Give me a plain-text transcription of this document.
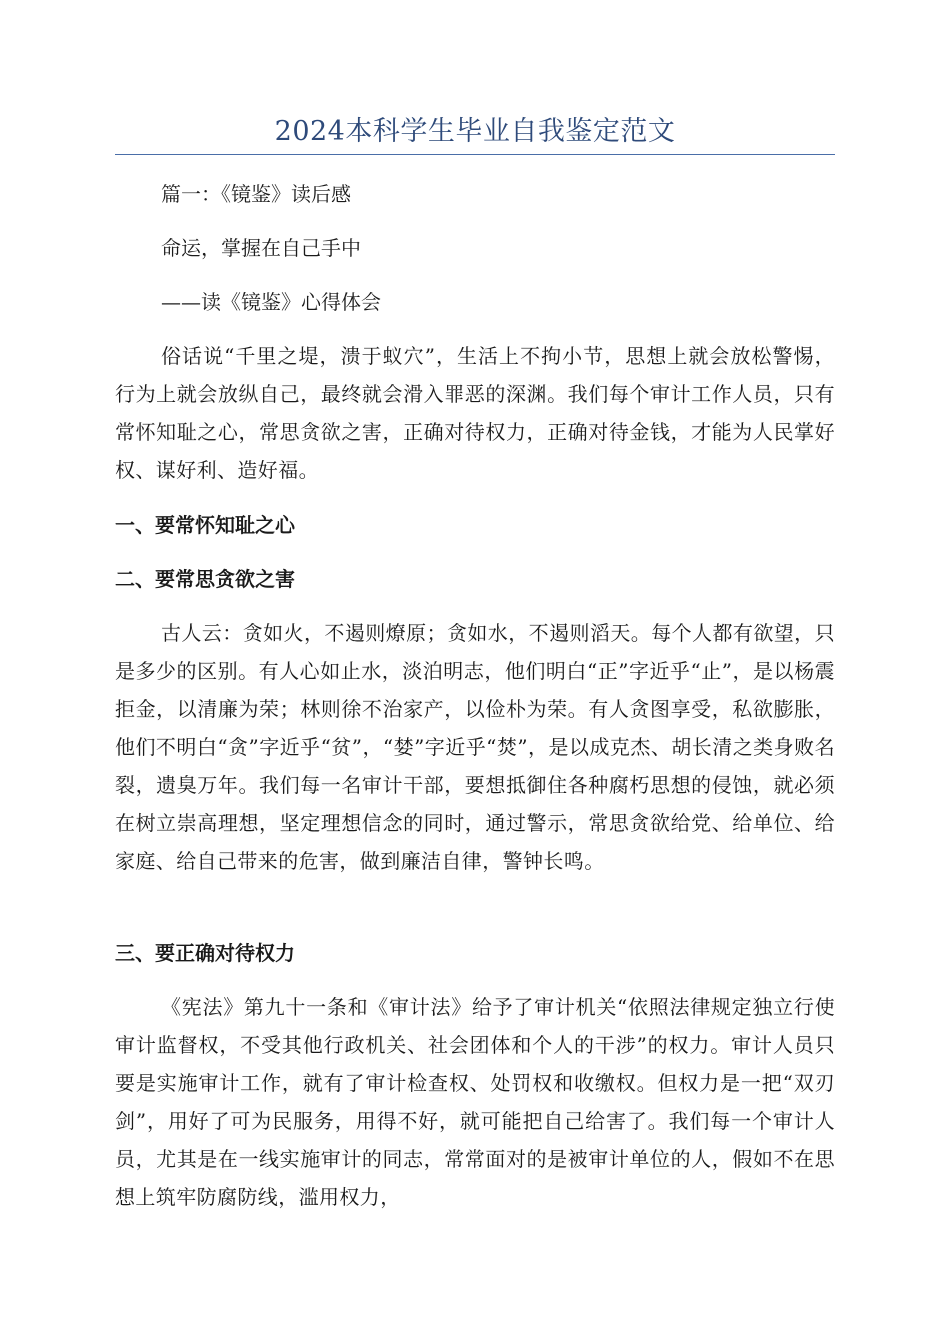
2024本科学生毕业自我鉴定范文

篇一：《镜鉴》读后感

命运，掌握在自己手中

——读《镜鉴》心得体会

俗话说“千里之堤，溃于蚁穴”，生活上不拘小节，思想上就会放松警惕，行为上就会放纵自己，最终就会滑入罪恶的深渊。我们每个审计工作人员，只有常怀知耻之心，常思贪欲之害，正确对待权力，正确对待金钱，才能为人民掌好权、谋好利、造好福。

一、要常怀知耻之心

二、要常思贪欲之害

古人云：贪如火，不遏则燎原；贪如水，不遏则滔天。每个人都有欲望，只是多少的区别。有人心如止水，淡泊明志，他们明白“正”字近乎“止”，是以杨震拒金，以清廉为荣；林则徐不治家产，以俭朴为荣。有人贪图享受，私欲膨胀，他们不明白“贪”字近乎“贫”，“婪”字近乎“焚”，是以成克杰、胡长清之类身败名裂，遗臭万年。我们每一名审计干部，要想抵御住各种腐朽思想的侵蚀，就必须在树立崇高理想，坚定理想信念的同时，通过警示，常思贪欲给党、给单位、给家庭、给自己带来的危害，做到廉洁自律，警钟长鸣。

三、要正确对待权力

《宪法》第九十一条和《审计法》给予了审计机关“依照法律规定独立行使审计监督权，不受其他行政机关、社会团体和个人的干涉”的权力。审计人员只要是实施审计工作，就有了审计检查权、处罚权和收缴权。但权力是一把“双刃剑”，用好了可为民服务，用得不好，就可能把自己给害了。我们每一个审计人员，尤其是在一线实施审计的同志，常常面对的是被审计单位的人，假如不在思想上筑牢防腐防线，滥用权力，
